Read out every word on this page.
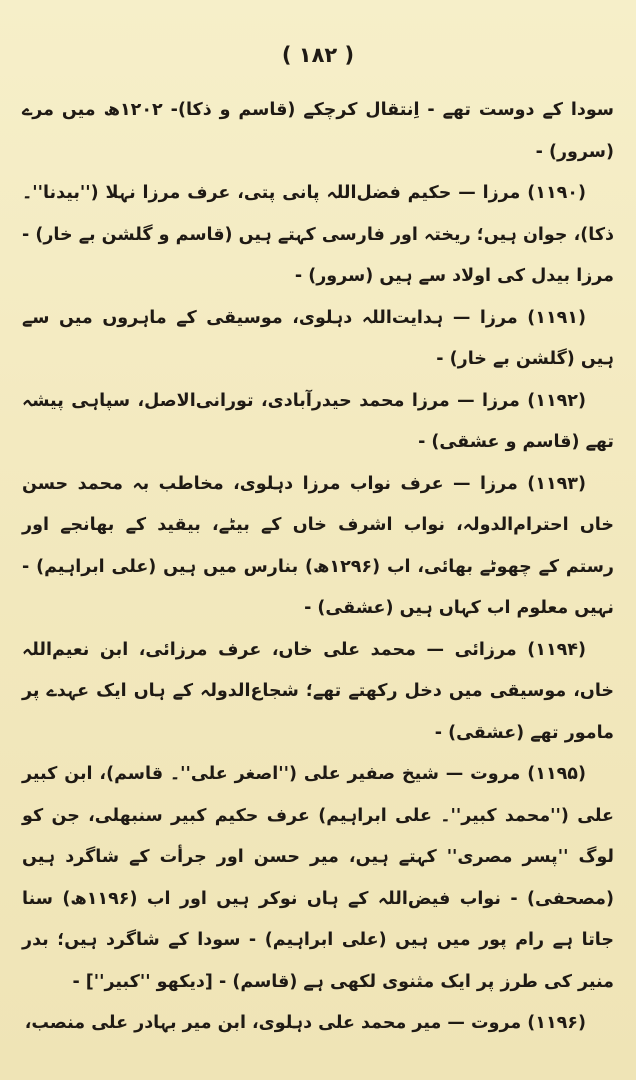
( ۱۸۲ )

سودا کے دوست تھے - اِنتقال کرچکے (قاسم و ذکا)- ۱۲۰۲ھ میں مرے (سرور) -

(۱۱۹۰) مرزا — حکیم فضل‌اللہ پانی پتی، عرف مرزا نہلا (''بیدنا''۔ ذکا)، جوان ہیں؛ ریختہ اور فارسی کہتے ہیں (قاسم و گلشن بے خار) - مرزا بیدل کی اولاد سے ہیں (سرور) -

(۱۱۹۱) مرزا — ہدایت‌اللہ دہلوی، موسیقی کے ماہروں میں سے ہیں (گلشن بے خار) -

(۱۱۹۲) مرزا — مرزا محمد حیدرآبادی، تورانی‌الاصل، سپاہی پیشہ تھے (قاسم و عشقی) -

(۱۱۹۳) مرزا — عرف نواب مرزا دہلوی، مخاطب بہ محمد حسن خاں احترام‌الدولہ، نواب اشرف خاں کے بیٹے، بیقید کے بھانجے اور رستم کے چھوٹے بھائی، اب (۱۲۹۶ھ) بنارس میں ہیں (علی ابراہیم) - نہیں معلوم اب کہاں ہیں (عشقی) -

(۱۱۹۴) مرزائی — محمد علی خاں، عرف مرزائی، ابن نعیم‌اللہ خاں، موسیقی میں دخل رکھتے تھے؛ شجاع‌الدولہ کے ہاں ایک عہدے پر مامور تھے (عشقی) -

(۱۱۹۵) مروت — شیخ صفیر علی (''اصغر علی''۔ قاسم)، ابن کبیر علی (''محمد کبیر''۔ علی ابراہیم) عرف حکیم کبیر سنبھلی، جن کو لوگ ''پسر مصری'' کہتے ہیں، میر حسن اور جرأت کے شاگرد ہیں (مصحفی) - نواب فیض‌اللہ کے ہاں نوکر ہیں اور اب (۱۱۹۶ھ) سنا جاتا ہے رام پور میں ہیں (علی ابراہیم) - سودا کے شاگرد ہیں؛ بدر منیر کی طرز پر ایک مثنوی لکھی ہے (قاسم) - [دیکھو ''کبیر''] -

(۱۱۹۶) مروت — میر محمد علی دہلوی، ابن میر بہادر علی منصب،
